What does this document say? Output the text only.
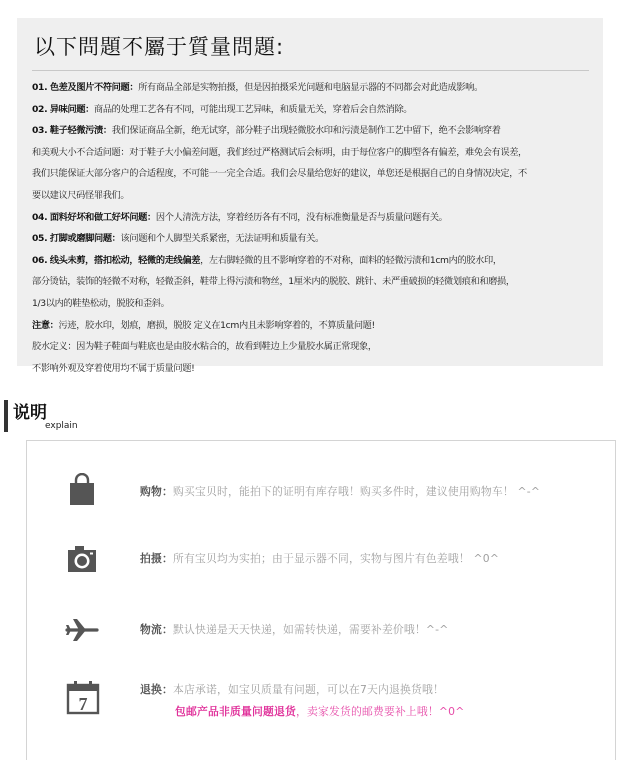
以下問題不屬于質量問題:

01. 色差及图片不符问题：所有商品全部是实物拍摄，但是因拍摄采光问题和电脑显示器的不同都会对此造成影响。

02. 异味问题：商品的处理工艺各有不同，可能出现工艺异味，和质量无关，穿着后会自然消除。

03. 鞋子轻微污渍：我们保证商品全新，绝无试穿，部分鞋子出现轻微胶水印和污渍是制作工艺中留下，绝不会影响穿着

和美观大小不合适问题：对于鞋子大小偏差问题，我们经过严格测试后会标明，由于每位客户的脚型各有偏差，难免会有误差，

我们只能保证大部分客户的合适程度，不可能一一完全合适。我们会尽量给您好的建议，单您还是根据自己的自身情况决定，不

要以建议尺码怪罪我们。

04. 面料好坏和做工好坏问题：因个人清洗方法，穿着经历各有不同，没有标准衡量是否与质量问题有关。

05. 打脚或磨脚问题：该问题和个人脚型关系紧密，无法证明和质量有关。

06. 线头未剪，搭扣松动，轻微的走线偏差，左右脚轻微的且不影响穿着的不对称，面料的轻微污渍和1cm内的胶水印，

部分烫钻，装饰的轻微不对称，轻微歪斜，鞋带上得污渍和物丝，1厘米内的脱胶、跳针、未严重破损的轻微划痕和和磨损，

1/3以内的鞋垫松动，脱胶和歪斜。

注意：污迹，胶水印，划痕，磨损，脱胶 定义在1cm内且未影响穿着的，不算质量问题!

胶水定义：因为鞋子鞋面与鞋底也是由胶水粘合的，故看到鞋边上少量胶水属正常现象，

不影响外观及穿着使用均不属于质量问题!

说明
explain
购物：购买宝贝时，能拍下的证明有库存哦！购买多件时，建议使用购物车！ ^-^
拍摄：所有宝贝均为实拍；由于显示器不同，实物与图片有色差哦！ ^0^
物流：默认快递是天天快递，如需转快递，需要补差价哦！^-^
7
退换：本店承诺，如宝贝质量有问题，可以在7天内退换货哦！
包邮产品非质量问题退货，卖家发货的邮费要补上哦！^0^
